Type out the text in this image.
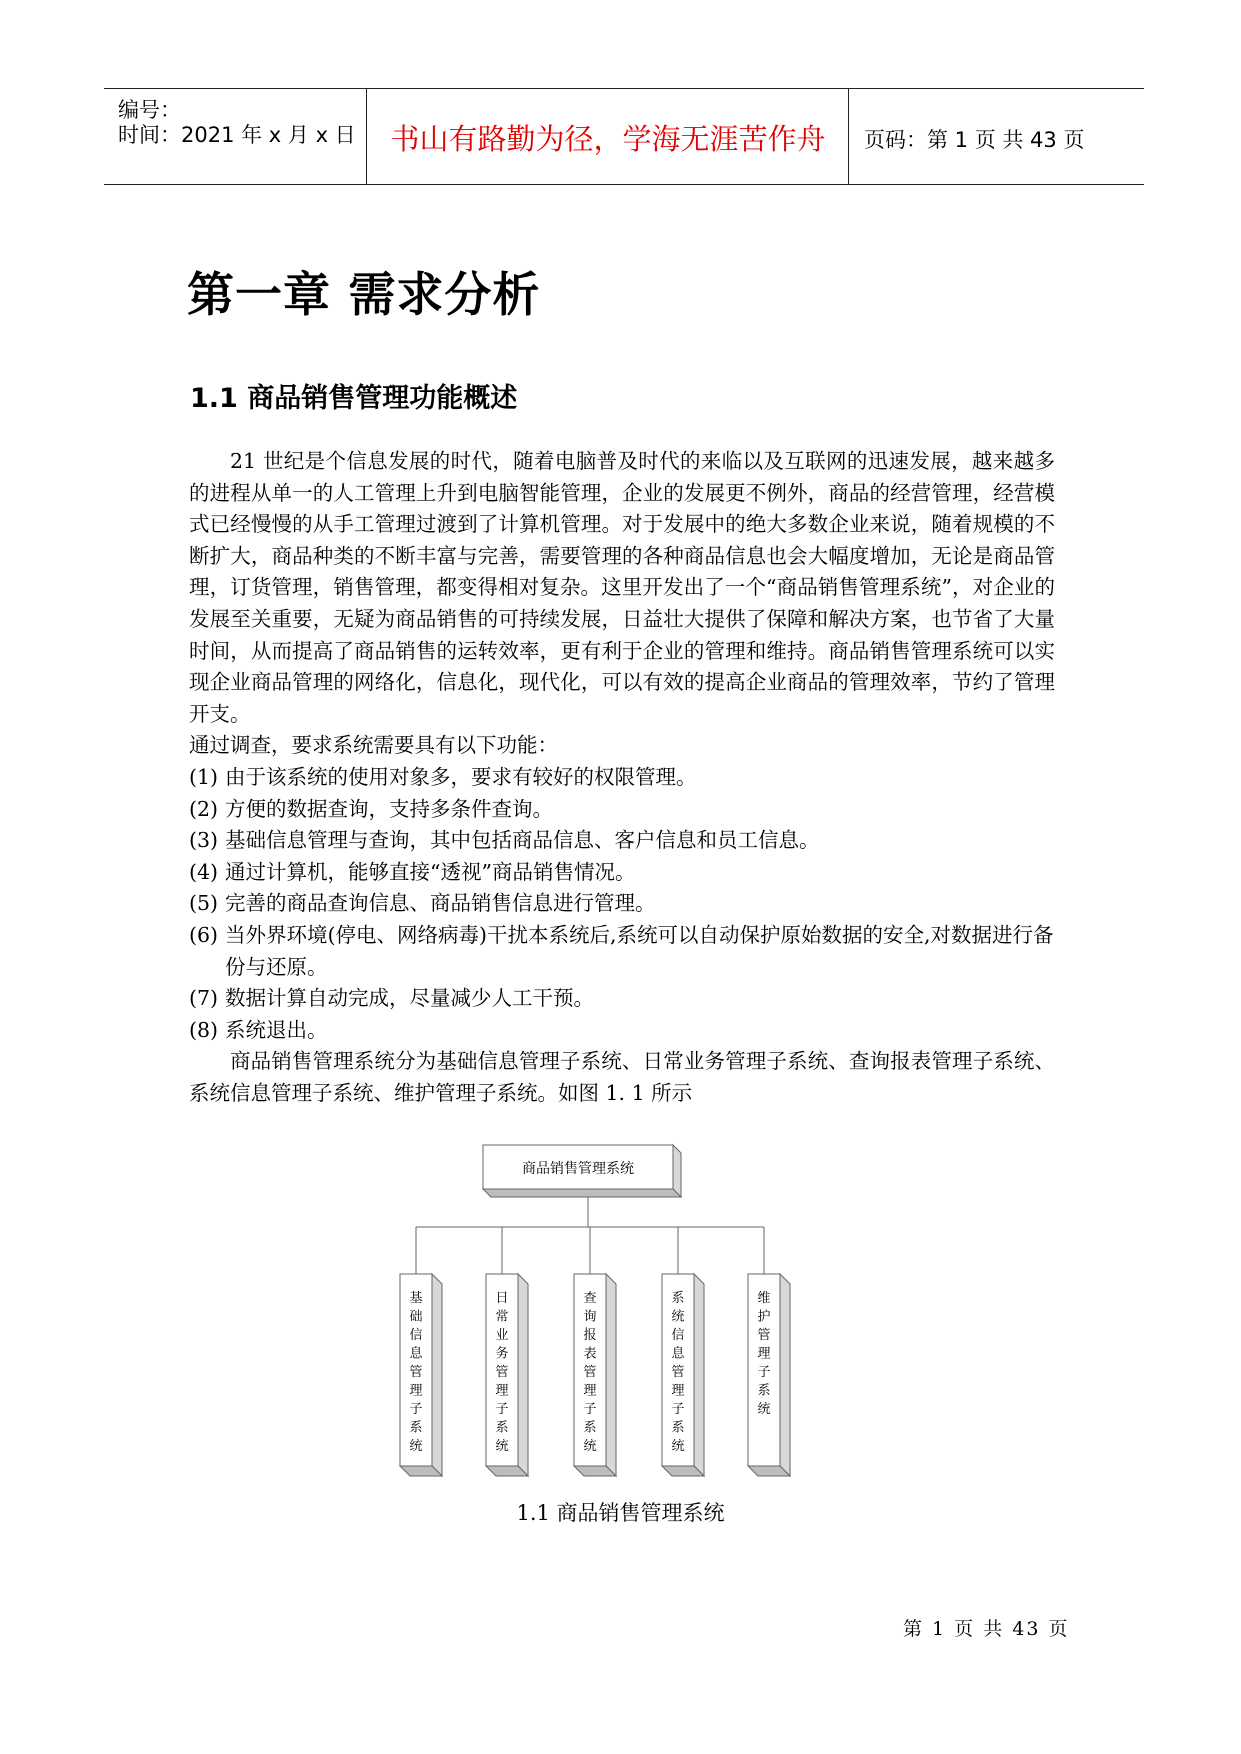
编号：
时间：2021 年 x 月 x 日	书山有路勤为径，学海无涯苦作舟	页码：第 1 页 共 43 页
第一章 需求分析
1.1 商品销售管理功能概述

21 世纪是个信息发展的时代，随着电脑普及时代的来临以及互联网的迅速发展，越来越多的进程从单一的人工管理上升到电脑智能管理，企业的发展更不例外，商品的经营管理，经营模式已经慢慢的从手工管理过渡到了计算机管理。对于发展中的绝大多数企业来说，随着规模的不断扩大，商品种类的不断丰富与完善，需要管理的各种商品信息也会大幅度增加，无论是商品管理，订货管理，销售管理，都变得相对复杂。这里开发出了一个“商品销售管理系统”，对企业的发展至关重要，无疑为商品销售的可持续发展，日益壮大提供了保障和解决方案，也节省了大量时间，从而提高了商品销售的运转效率，更有利于企业的管理和维持。商品销售管理系统可以实现企业商品管理的网络化，信息化，现代化，可以有效的提高企业商品的管理效率，节约了管理开支。

通过调查，要求系统需要具有以下功能：

(1) 由于该系统的使用对象多，要求有较好的权限管理。
(2) 方便的数据查询，支持多条件查询。
(3) 基础信息管理与查询，其中包括商品信息、客户信息和员工信息。
(4) 通过计算机，能够直接“透视”商品销售情况。
(5) 完善的商品查询信息、商品销售信息进行管理。
(6) 当外界环境(停电、网络病毒)干扰本系统后,系统可以自动保护原始数据的安全,对数据进行备份与还原。
(7) 数据计算自动完成，尽量减少人工干预。
(8) 系统退出。

商品销售管理系统分为基础信息管理子系统、日常业务管理子系统、查询报表管理子系统、系统信息管理子系统、维护管理子系统。如图 1. 1 所示

商品销售管理系统
基础信息管理子系统
日常业务管理子系统
查询报表管理子系统
系统信息管理子系统
维护管理子系统
1.1 商品销售管理系统
第 1 页 共 43 页
